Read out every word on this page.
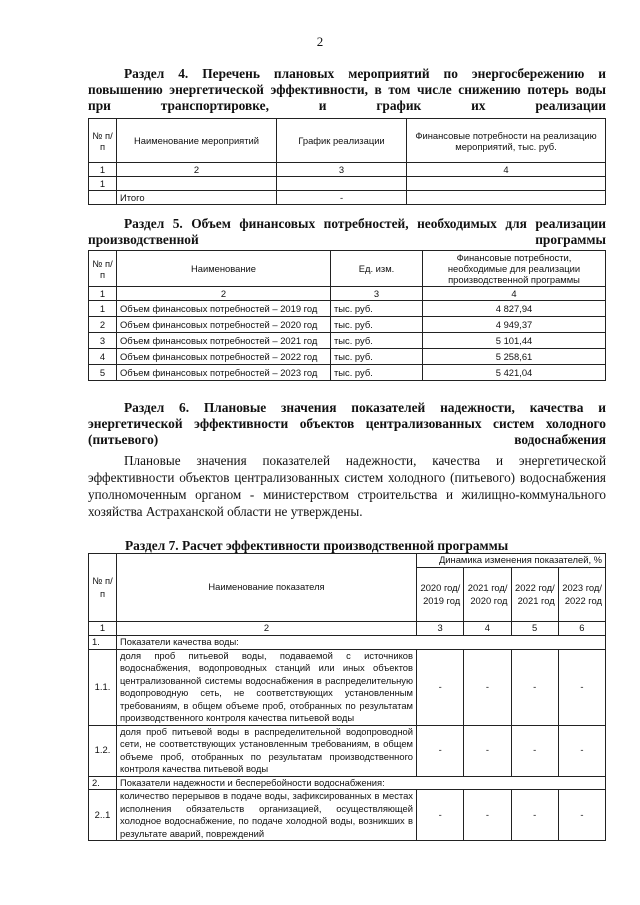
2
Раздел 4. Перечень плановых мероприятий по энергосбережению и повышению энергетической эффективности, в том числе снижению потерь воды при транспортировке, и график их реализации
№ п/п	Наименование мероприятий	График реализации	Финансовые потребности на реализацию мероприятий, тыс. руб.
1	2	3	4
1			
	Итого	-	
Раздел 5. Объем финансовых потребностей, необходимых для реализации производственной программы
№ п/п	Наименование	Ед. изм.	Финансовые потребности, необходимые для реализации производственной программы
1	2	3	4
1	Объем финансовых потребностей – 2019 год	тыс. руб.	4 827,94
2	Объем финансовых потребностей – 2020 год	тыс. руб.	4 949,37
3	Объем финансовых потребностей – 2021 год	тыс. руб.	5 101,44
4	Объем финансовых потребностей – 2022 год	тыс. руб.	5 258,61
5	Объем финансовых потребностей – 2023 год	тыс. руб.	5 421,04
Раздел 6. Плановые значения показателей надежности, качества и энергетической эффективности объектов централизованных систем холодного (питьевого) водоснабжения
Плановые значения показателей надежности, качества и энергетической эффективности объектов централизованных систем холодного (питьевого) водоснабжения уполномоченным органом - министерством строительства и жилищно-коммунального хозяйства Астраханской области не утверждены.
Раздел 7. Расчет эффективности производственной программы
№ п/п	Наименование показателя	Динамика изменения показателей, %			
		2020 год/ 2019 год	2021 год/ 2020 год	2022 год/ 2021 год	2023 год/ 2022 год
1	2	3	4	5	6
1.	Показатели качества воды:				
1.1.	доля проб питьевой воды, подаваемой с источников водоснабжения, водопроводных станций или иных объектов централизованной системы водоснабжения в распределительную водопроводную сеть, не соответствующих установленным требованиям, в общем объеме проб, отобранных по результатам производственного контроля качества питьевой воды	-	-	-	-
1.2.	доля проб питьевой воды в распределительной водопроводной сети, не соответствующих установленным требованиям, в общем объеме проб, отобранных по результатам производственного контроля качества питьевой воды	-	-	-	-
2.	Показатели надежности и бесперебойности водоснабжения:				
2..1	количество перерывов в подаче воды, зафиксированных в местах исполнения обязательств организацией, осуществляющей холодное водоснабжение, по подаче холодной воды, возникших в результате аварий, повреждений	-	-	-	-
